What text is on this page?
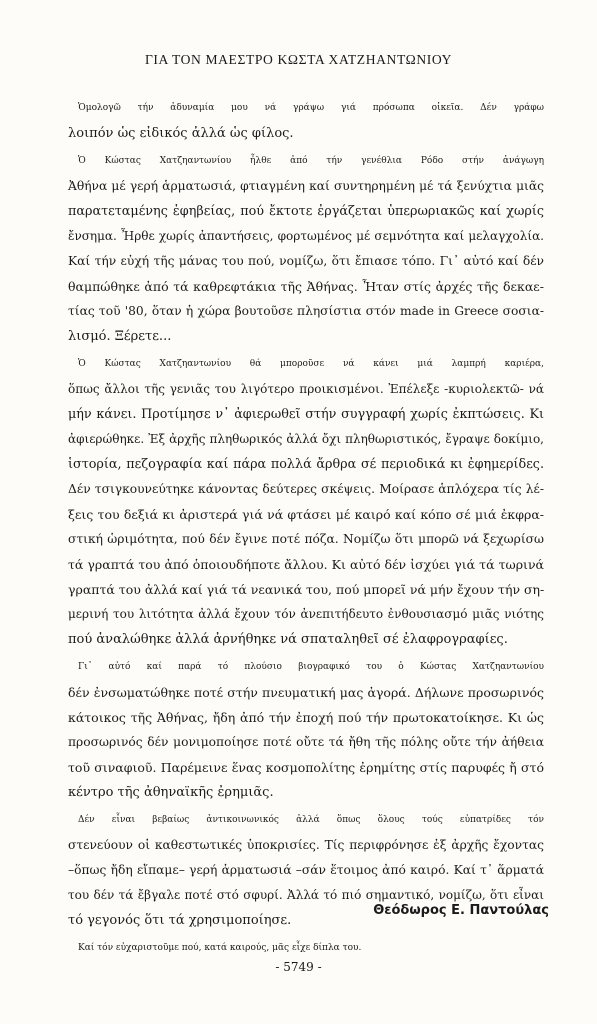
ΓΙΑ ΤΟΝ ΜΑΕΣΤΡΟ ΚΩΣΤΑ ΧΑΤΖΗΑΝΤΩΝΙΟΥ
Ὁμολογῶ τήν ἀδυναμία μου νά γράψω γιά πρόσωπα οἰκεῖα. Δέν γράφω
λοιπόν ὡς εἰδικός ἀλλά ὡς φίλος.
Ὁ Κώστας Χατζηαντωνίου ἦλθε ἀπό τήν γενέθλια Ρόδο στήν ἀνάγωγη
Ἀθήνα μέ γερή ἁρματωσιά, φτιαγμένη καί συντηρημένη μέ τά ξενύχτια μιᾶς
παρατεταμένης ἐφηβείας, πού ἔκτοτε ἐργάζεται ὑπερωριακῶς καί χωρίς
ἔνσημα. Ἦρθε χωρίς ἀπαντήσεις, φορτωμένος μέ σεμνότητα καί μελαγχολία.
Καί τήν εὐχή τῆς μάνας του πού, νομίζω, ὅτι ἔπιασε τόπο. Γι᾽ αὐτό καί δέν
θαμπώθηκε ἀπό τά καθρεφτάκια τῆς Ἀθήνας. Ἦταν στίς ἀρχές τῆς δεκαε-
τίας τοῦ '80, ὅταν ἡ χώρα βουτοῦσε πλησίστια στόν made in Greece σοσια-
λισμό. Ξέρετε...
Ὁ Κώστας Χατζηαντωνίου θά μποροῦσε νά κάνει μιά λαμπρή καριέρα,
ὅπως ἄλλοι τῆς γενιᾶς του λιγότερο προικισμένοι. Ἐπέλεξε -κυριολεκτῶ- νά
μήν κάνει. Προτίμησε ν᾽ ἀφιερωθεῖ στήν συγγραφή χωρίς ἐκπτώσεις. Κι
ἀφιερώθηκε. Ἐξ ἀρχῆς πληθωρικός ἀλλά ὄχι πληθωριστικός, ἔγραψε δοκίμιο,
ἱστορία, πεζογραφία καί πάρα πολλά ἄρθρα σέ περιοδικά κι ἐφημερίδες.
Δέν τσιγκουνεύτηκε κάνοντας δεύτερες σκέψεις. Μοίρασε ἁπλόχερα τίς λέ-
ξεις του δεξιά κι ἀριστερά γιά νά φτάσει μέ καιρό καί κόπο σέ μιά ἐκφρα-
στική ὡριμότητα, πού δέν ἔγινε ποτέ πόζα. Νομίζω ὅτι μπορῶ νά ξεχωρίσω
τά γραπτά του ἀπό ὁποιουδήποτε ἄλλου. Κι αὐτό δέν ἰσχύει γιά τά τωρινά
γραπτά του ἀλλά καί γιά τά νεανικά του, πού μπορεῖ νά μήν ἔχουν τήν ση-
μερινή του λιτότητα ἀλλά ἔχουν τόν ἀνεπιτήδευτο ἐνθουσιασμό μιᾶς νιότης
πού ἀναλώθηκε ἀλλά ἀρνήθηκε νά σπαταληθεῖ σέ ἐλαφρογραφίες.
Γι᾽ αὐτό καί παρά τό πλούσιο βιογραφικό του ὁ Κώστας Χατζηαντωνίου
δέν ἐνσωματώθηκε ποτέ στήν πνευματική μας ἀγορά. Δήλωνε προσωρινός
κάτοικος τῆς Ἀθήνας, ἤδη ἀπό τήν ἐποχή πού τήν πρωτοκατοίκησε. Κι ὡς
προσωρινός δέν μονιμοποίησε ποτέ οὔτε τά ἤθη τῆς πόλης οὔτε τήν ἀήθεια
τοῦ σιναφιοῦ. Παρέμεινε ἕνας κοσμοπολίτης ἐρημίτης στίς παρυφές ἤ στό
κέντρο τῆς ἀθηναϊκῆς ἐρημιᾶς.
Δέν εἶναι βεβαίως ἀντικοινωνικός ἀλλά ὅπως ὅλους τούς εὐπατρίδες τόν
στενεύουν οἱ καθεστωτικές ὑποκρισίες. Τίς περιφρόνησε ἐξ ἀρχῆς ἔχοντας
–ὅπως ἤδη εἴπαμε– γερή ἁρματωσιά –σάν ἕτοιμος ἀπό καιρό. Καί τ᾽ ἅρματά
του δέν τά ἔβγαλε ποτέ στό σφυρί. Ἀλλά τό πιό σημαντικό, νομίζω, ὅτι εἶναι
τό γεγονός ὅτι τά χρησιμοποίησε.
Καί τόν εὐχαριστοῦμε πού, κατά καιρούς, μᾶς εἶχε δίπλα του.

Θεόδωρος Ε. Παντούλας

- 5749 -
